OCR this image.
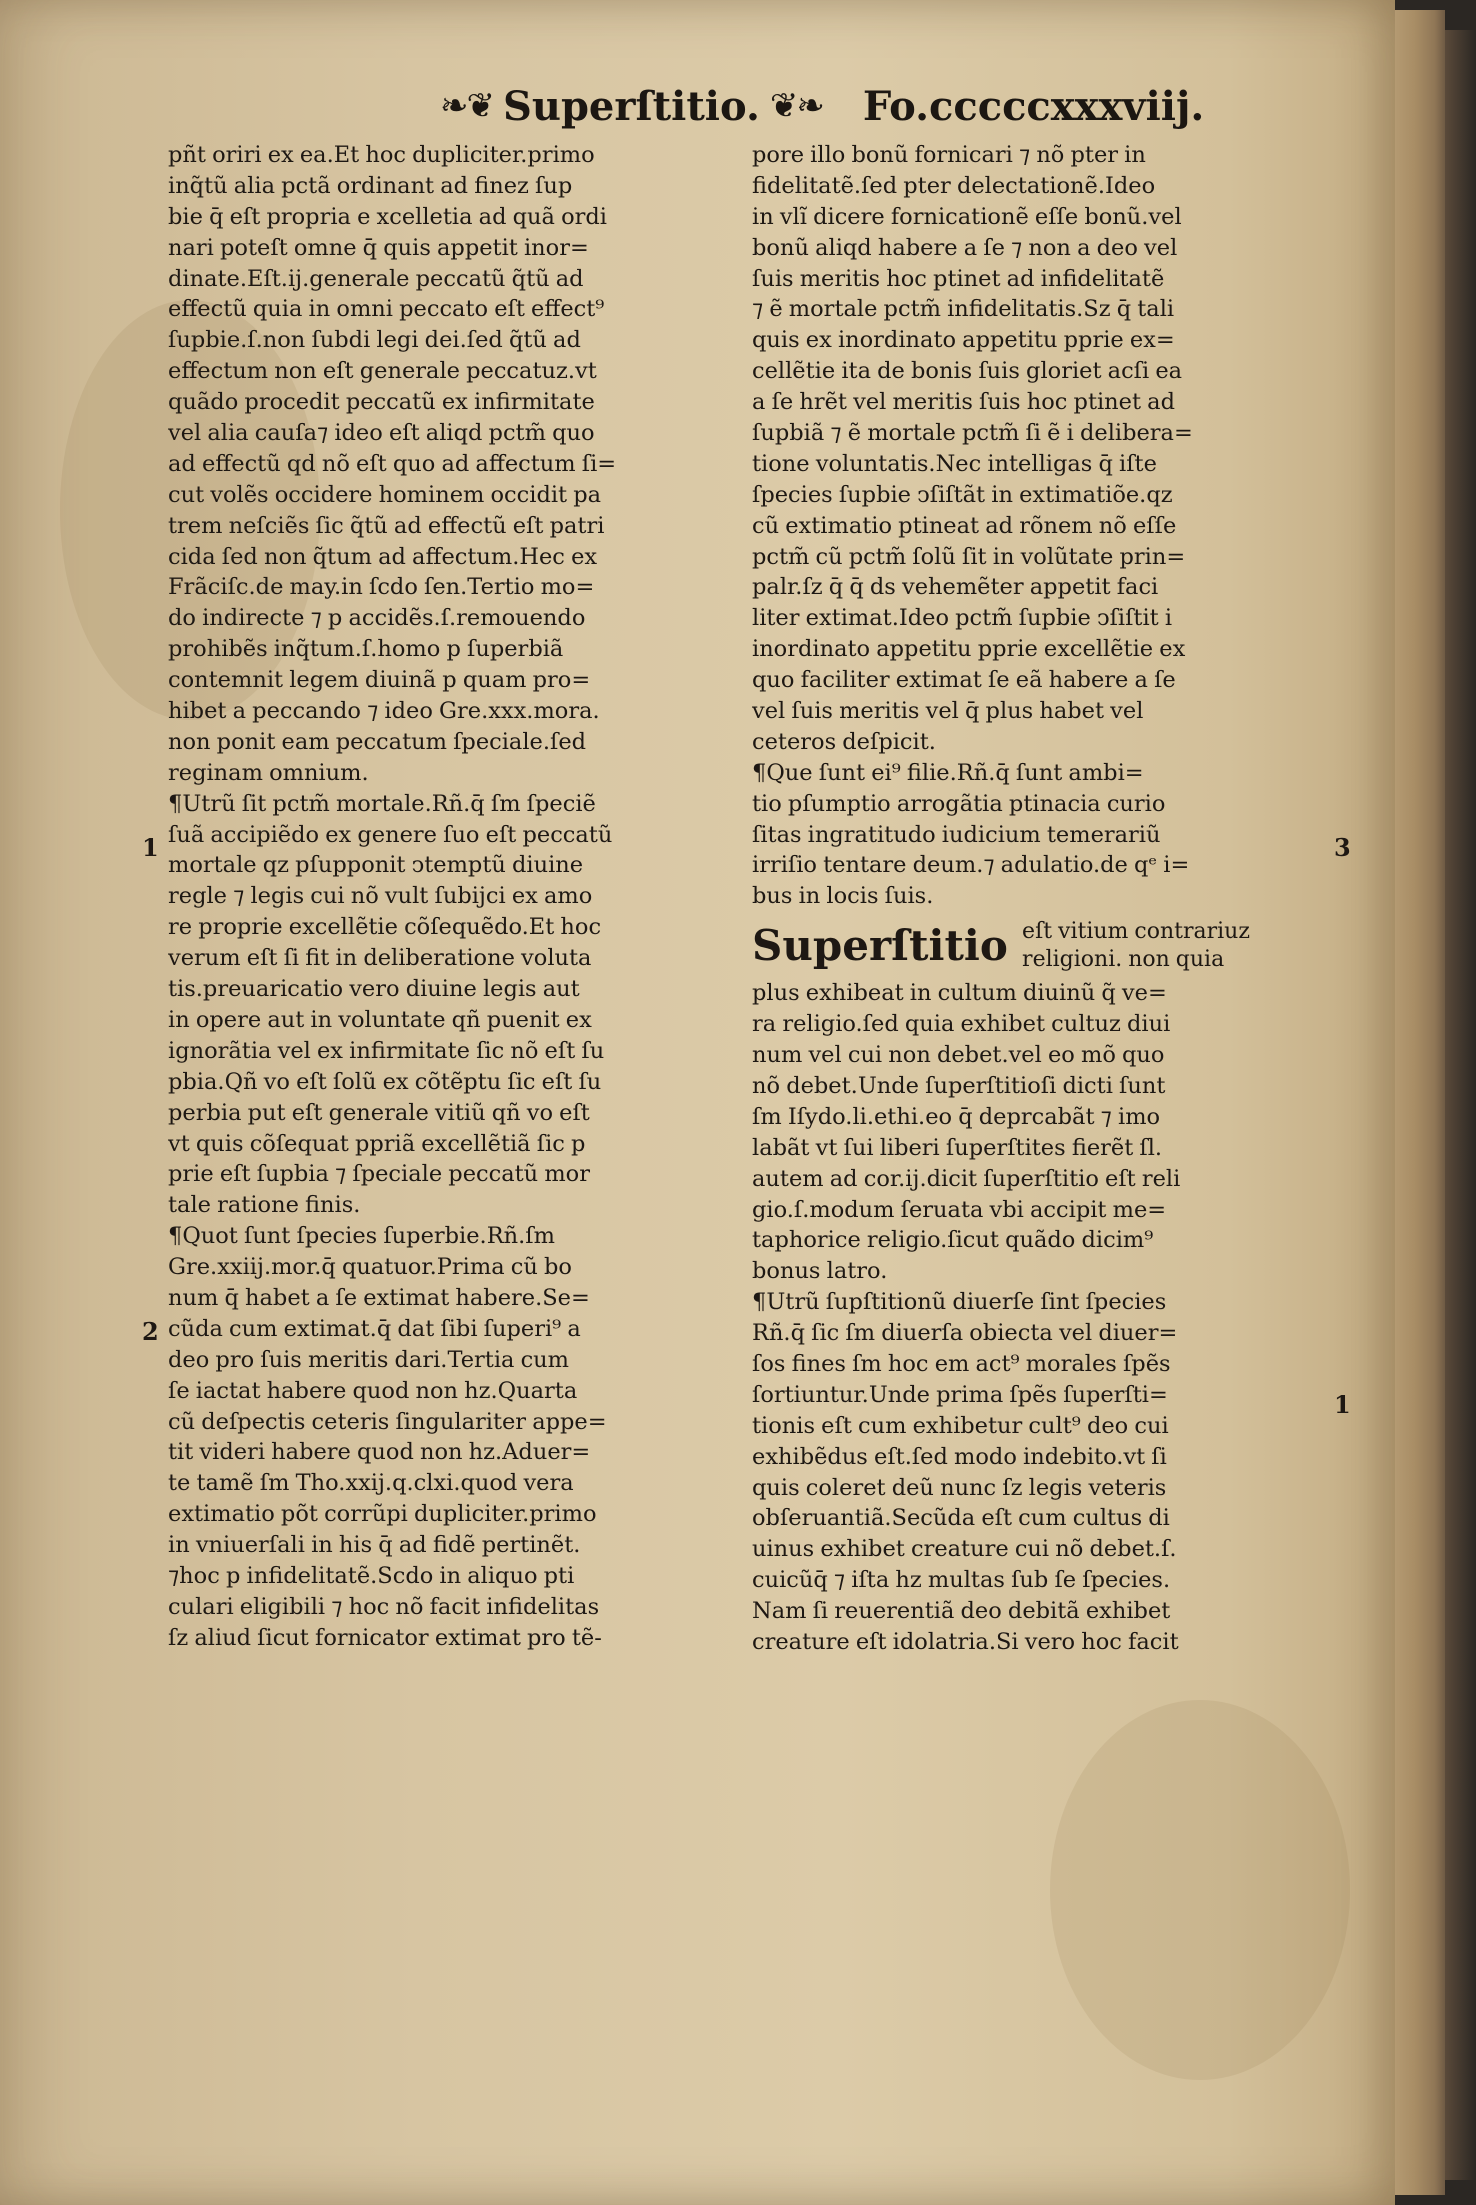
❧❦ Superſtitio. ❦❧ Fo.cccccxxxviij.
pñt oriri ex ea.Et hoc dupliciter.primo
inq̃tũ alia pctã ordinant ad finez ſup
bie q̄ eſt propria e xcelletia ad quã ordi
nari poteſt omne q̄ quis appetit inor=
dinate.Eſt.ij.generale peccatũ q̃tũ ad
effectũ quia in omni peccato eſt effect⁹
ſupbie.ſ.non ſubdi legi dei.ſed q̃tũ ad
effectum non eſt generale peccatuz.vt
quãdo procedit peccatũ ex infirmitate
vel alia cauſa⁊ ideo eſt aliqd pctm̃ quo
ad effectũ qd nõ eſt quo ad affectum ſi=
cut volẽs occidere hominem occidit pa
trem neſciẽs ſic q̃tũ ad effectũ eſt patri
cida ſed non q̃tum ad affectum.Hec ex
Frãciſc.de may.in ſcdo ſen.Tertio mo=
do indirecte ⁊ p accidẽs.ſ.remouendo
prohibẽs inq̃tum.ſ.homo p ſuperbiã
contemnit legem diuinã p quam pro=
hibet a peccando ⁊ ideo Gre.xxx.mora.
non ponit eam peccatum ſpeciale.ſed
reginam omnium.
¶Utrũ ſit pctm̃ mortale.Rñ.q̄ ſm ſpeciẽ
ſuã accipiẽdo ex genere ſuo eſt peccatũ
mortale qz pſupponit ↄtemptũ diuine
regle ⁊ legis cui nõ vult ſubijci ex amo
re proprie excellẽtie cõſequẽdo.Et hoc
verum eſt ſi fit in deliberatione voluta
tis.preuaricatio vero diuine legis aut
in opere aut in voluntate qñ puenit ex
ignorãtia vel ex infirmitate ſic nõ eſt ſu
pbia.Qñ vo eſt ſolũ ex cõtẽptu ſic eſt ſu
perbia put eſt generale vitiũ qñ vo eſt
vt quis cõſequat ppriã excellẽtiã ſic p
prie eſt ſupbia ⁊ ſpeciale peccatũ mor
tale ratione finis.
¶Quot ſunt ſpecies ſuperbie.Rñ.ſm
Gre.xxiij.mor.q̄ quatuor.Prima cũ bo
num q̄ habet a ſe extimat habere.Se=
cũda cum extimat.q̄ dat ſibi ſuperi⁹ a
deo pro ſuis meritis dari.Tertia cum
ſe iactat habere quod non hz.Quarta
cũ deſpectis ceteris ſingulariter appe=
tit videri habere quod non hz.Aduer=
te tamẽ ſm Tho.xxij.q.clxi.quod vera
extimatio põt corrũpi dupliciter.primo
in vniuerſali in his q̄ ad fidẽ pertinẽt.
⁊hoc p infidelitatẽ.Scdo in aliquo pti
culari eligibili ⁊ hoc nõ facit infidelitas
ſz aliud ſicut fornicator extimat pro tẽ-
pore illo bonũ fornicari ⁊ nõ pter in
fidelitatẽ.ſed pter delectationẽ.Ideo
in vlĩ dicere fornicationẽ eſſe bonũ.vel
bonũ aliqd habere a ſe ⁊ non a deo vel
ſuis meritis hoc ptinet ad infidelitatẽ
⁊ ẽ mortale pctm̃ infidelitatis.Sz q̄ tali
quis ex inordinato appetitu pprie ex=
cellẽtie ita de bonis ſuis gloriet acſi ea
a ſe hrẽt vel meritis ſuis hoc ptinet ad
ſupbiã ⁊ ẽ mortale pctm̃ ſi ẽ i delibera=
tione voluntatis.Nec intelligas q̄ iſte
ſpecies ſupbie ↄſiſtãt in extimatiõe.qz
cũ extimatio ptineat ad rõnem nõ eſſe
pctm̃ cũ pctm̃ ſolũ ſit in volũtate prin=
palr.ſz q̄ q̄ ds vehemẽter appetit faci
liter extimat.Ideo pctm̃ ſupbie ↄſiſtit i
inordinato appetitu pprie excellẽtie ex
quo faciliter extimat ſe eã habere a ſe
vel ſuis meritis vel q̄ plus habet vel
ceteros deſpicit.
¶Que ſunt ei⁹ filie.Rñ.q̄ ſunt ambi=
tio pſumptio arrogãtia ptinacia curio
ſitas ingratitudo iudicium temerariũ
irriſio tentare deum.⁊ adulatio.de qᵉ i=
bus in locis ſuis.
Superſtitio eſt vitium contrariuz
religioni. non quia
plus exhibeat in cultum diuinũ q̃ ve=
ra religio.ſed quia exhibet cultuz diui
num vel cui non debet.vel eo mõ quo
nõ debet.Unde ſuperſtitioſi dicti ſunt
ſm Iſydo.li.ethi.eo q̄ deprcabãt ⁊ imo
labãt vt ſui liberi ſuperſtites fierẽt ſl.
autem ad cor.ij.dicit ſuperſtitio eſt reli
gio.ſ.modum ſeruata vbi accipit me=
taphorice religio.ſicut quãdo dicim⁹
bonus latro.
¶Utrũ ſupſtitionũ diuerſe ſint ſpecies
Rñ.q̄ ſic ſm diuerſa obiecta vel diuer=
ſos fines ſm hoc em act⁹ morales ſpẽs
ſortiuntur.Unde prima ſpẽs ſuperſti=
tionis eſt cum exhibetur cult⁹ deo cui
exhibẽdus eſt.ſed modo indebito.vt ſi
quis coleret deũ nunc ſz legis veteris
obſeruantiã.Secũda eſt cum cultus di
uinus exhibet creature cui nõ debet.ſ.
cuicũq̄ ⁊ iſta hz multas ſub ſe ſpecies.
Nam ſi reuerentiã deo debitã exhibet
creature eſt idolatria.Si vero hoc facit
1
2
3
1
